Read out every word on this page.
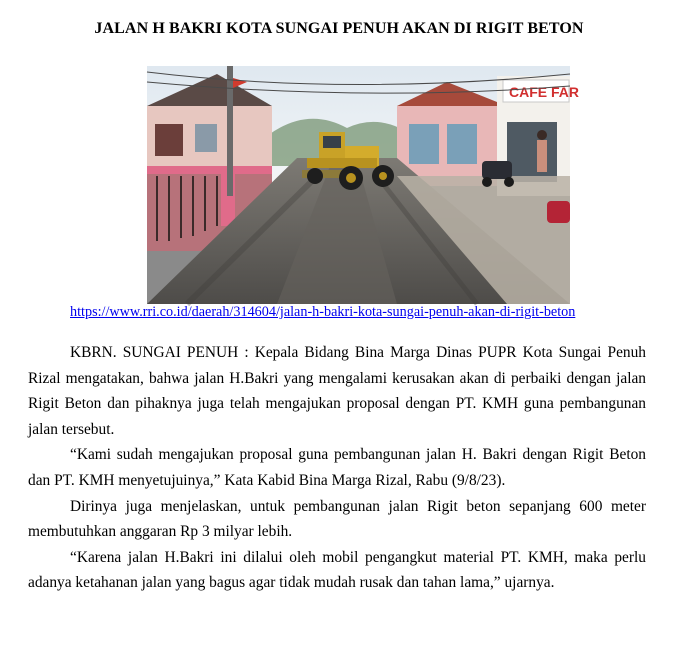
JALAN H BAKRI KOTA SUNGAI PENUH AKAN DI RIGIT BETON
CAFE FAR
https://www.rri.co.id/daerah/314604/jalan-h-bakri-kota-sungai-penuh-akan-di-rigit-beton

KBRN. SUNGAI PENUH : Kepala Bidang Bina Marga Dinas PUPR Kota Sungai Penuh Rizal mengatakan, bahwa jalan H.Bakri yang mengalami kerusakan akan di perbaiki dengan jalan Rigit Beton dan pihaknya juga telah mengajukan proposal dengan PT. KMH guna pembangunan jalan tersebut.

“Kami sudah mengajukan proposal guna pembangunan jalan H. Bakri dengan Rigit Beton dan PT. KMH menyetujuinya,” Kata Kabid Bina Marga Rizal, Rabu (9/8/23).

Dirinya juga menjelaskan, untuk pembangunan jalan Rigit beton sepanjang 600 meter membutuhkan anggaran Rp 3 milyar lebih.

“Karena jalan H.Bakri ini dilalui oleh mobil pengangkut material PT. KMH, maka perlu adanya ketahanan jalan yang bagus agar tidak mudah rusak dan tahan lama,” ujarnya.
